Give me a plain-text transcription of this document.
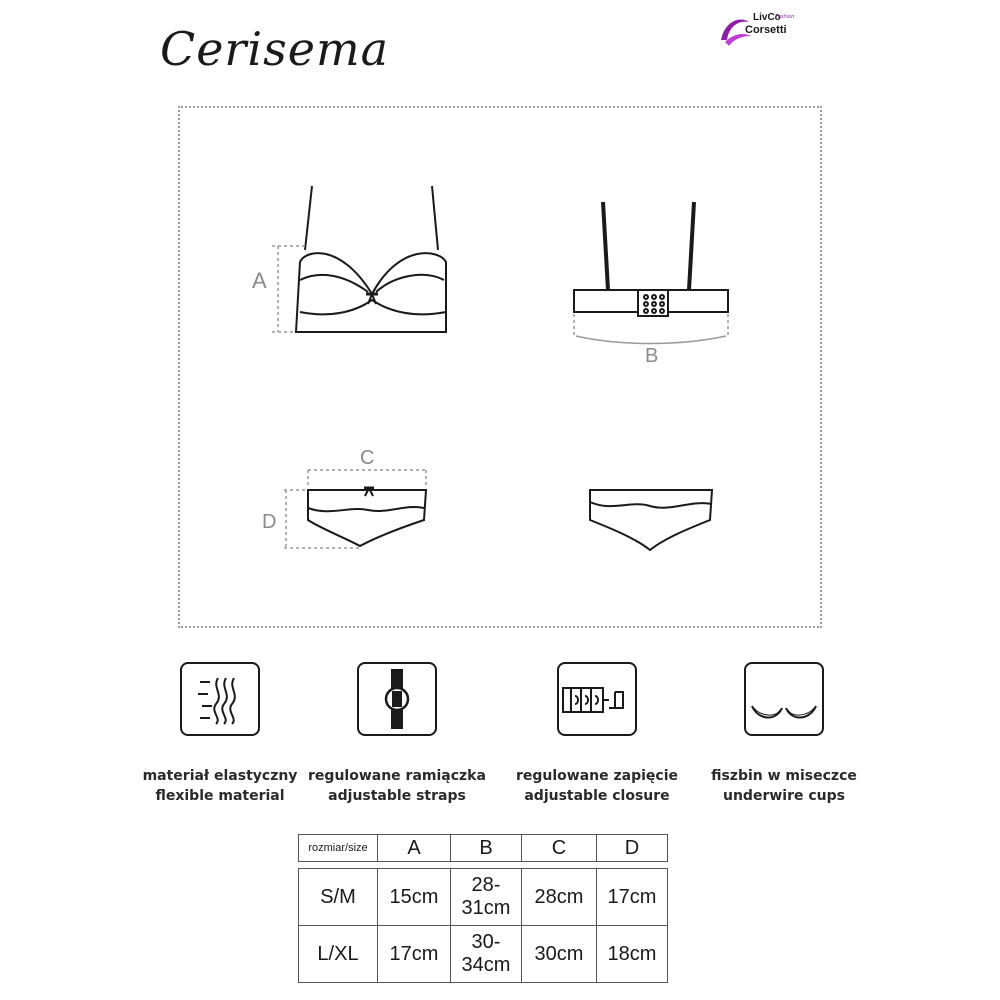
Cerisema
LivCo
Fashion
Corsetti
A
B
C
D
materiał elastyczny
flexible material
regulowane ramiączka
adjustable straps
regulowane zapięcie
adjustable closure
fiszbin w miseczce
underwire cups
rozmiar/size	A	B	C	D

S/M	15cm	28-31cm	28cm	17cm
L/XL	17cm	30-34cm	30cm	18cm
